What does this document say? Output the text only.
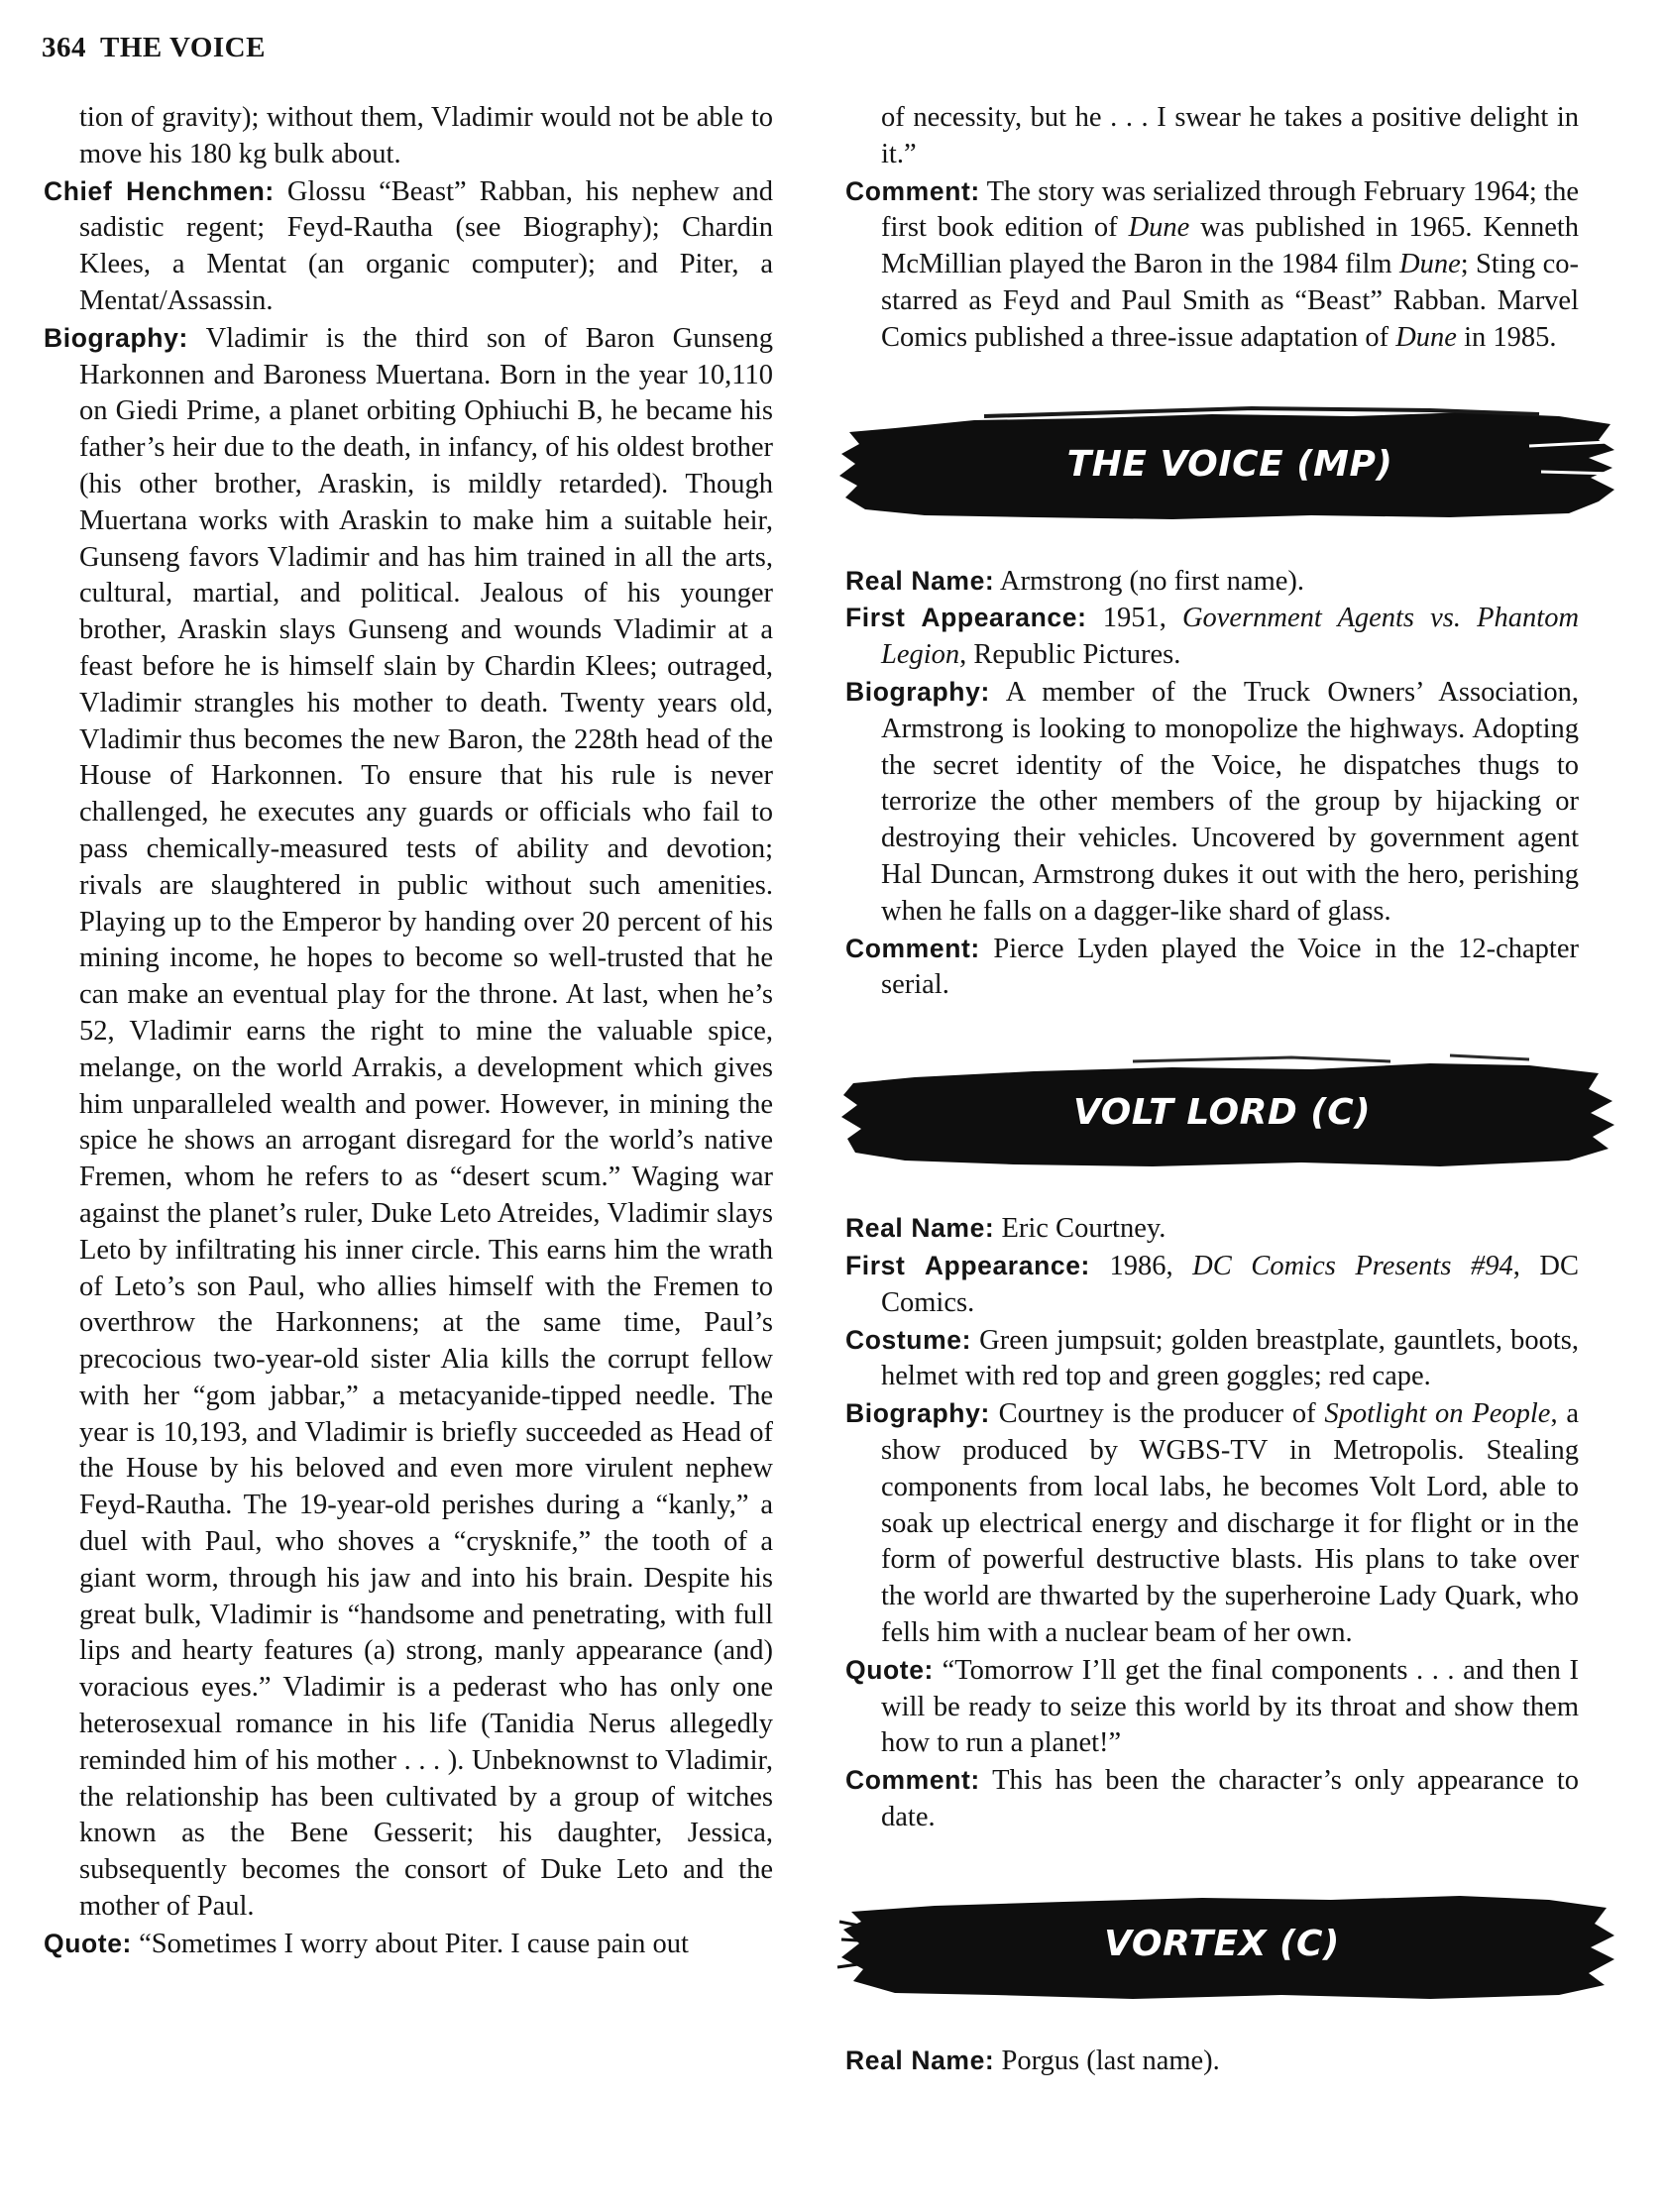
364 THE VOICE

tion of gravity); without them, Vladimir would not be able to move his 180 kg bulk about.

Chief Henchmen: Glossu “Beast” Rabban, his nephew and sadistic regent; Feyd-Rautha (see Biography); Chardin Klees, a Mentat (an organic computer); and Piter, a Mentat/Assassin.

Biography: Vladimir is the third son of Baron Gunseng Harkonnen and Baroness Muertana. Born in the year 10,110 on Giedi Prime, a planet orbiting Ophiuchi B, he became his father’s heir due to the death, in infancy, of his oldest brother (his other brother, Araskin, is mildly retarded). Though Muertana works with Araskin to make him a suitable heir, Gunseng favors Vladimir and has him trained in all the arts, cultural, martial, and political. Jealous of his younger brother, Araskin slays Gunseng and wounds Vladimir at a feast before he is himself slain by Chardin Klees; outraged, Vladimir strangles his mother to death. Twenty years old, Vladimir thus becomes the new Baron, the 228th head of the House of Harkonnen. To ensure that his rule is never challenged, he executes any guards or officials who fail to pass chemically-measured tests of ability and devotion; rivals are slaughtered in public without such amenities. Playing up to the Emperor by handing over 20 percent of his mining income, he hopes to become so well-trusted that he can make an eventual play for the throne. At last, when he’s 52, Vladimir earns the right to mine the valuable spice, melange, on the world Arrakis, a development which gives him unparalleled wealth and power. However, in mining the spice he shows an arrogant disregard for the world’s native Fremen, whom he refers to as “desert scum.” Waging war against the planet’s ruler, Duke Leto Atreides, Vladimir slays Leto by infiltrating his inner circle. This earns him the wrath of Leto’s son Paul, who allies himself with the Fremen to overthrow the Harkonnens; at the same time, Paul’s precocious two-year-old sister Alia kills the corrupt fellow with her “gom jabbar,” a metacyanide-tipped needle. The year is 10,193, and Vladimir is briefly succeeded as Head of the House by his beloved and even more virulent nephew Feyd-Rautha. The 19-year-old perishes during a “kanly,” a duel with Paul, who shoves a “crysknife,” the tooth of a giant worm, through his jaw and into his brain. Despite his great bulk, Vladimir is “handsome and penetrating, with full lips and hearty features (a) strong, manly appearance (and) voracious eyes.” Vladimir is a pederast who has only one heterosexual romance in his life (Tanidia Nerus allegedly reminded him of his mother . . . ). Unbeknownst to Vladimir, the relationship has been cultivated by a group of witches known as the Bene Gesserit; his daughter, Jessica, subsequently becomes the consort of Duke Leto and the mother of Paul.

Quote: “Sometimes I worry about Piter. I cause pain out

of necessity, but he . . . I swear he takes a positive delight in it.”

Comment: The story was serialized through February 1964; the first book edition of Dune was published in 1965. Kenneth McMillian played the Baron in the 1984 film Dune; Sting co-starred as Feyd and Paul Smith as “Beast” Rabban. Marvel Comics published a three-issue adaptation of Dune in 1985.

THE VOICE (MP)

Real Name: Armstrong (no first name).

First Appearance: 1951, Government Agents vs. Phantom Legion, Republic Pictures.

Biography: A member of the Truck Owners’ Association, Armstrong is looking to monopolize the highways. Adopting the secret identity of the Voice, he dispatches thugs to terrorize the other members of the group by hijacking or destroying their vehicles. Uncovered by government agent Hal Duncan, Armstrong dukes it out with the hero, perishing when he falls on a dagger-like shard of glass.

Comment: Pierce Lyden played the Voice in the 12-chapter serial.

VOLT LORD (C)

Real Name: Eric Courtney.

First Appearance: 1986, DC Comics Presents #94, DC Comics.

Costume: Green jumpsuit; golden breastplate, gauntlets, boots, helmet with red top and green goggles; red cape.

Biography: Courtney is the producer of Spotlight on People, a show produced by WGBS-TV in Metropolis. Stealing components from local labs, he becomes Volt Lord, able to soak up electrical energy and discharge it for flight or in the form of powerful destructive blasts. His plans to take over the world are thwarted by the superheroine Lady Quark, who fells him with a nuclear beam of her own.

Quote: “Tomorrow I’ll get the final components . . . and then I will be ready to seize this world by its throat and show them how to run a planet!”

Comment: This has been the character’s only appearance to date.

VORTEX (C)

Real Name: Porgus (last name).
